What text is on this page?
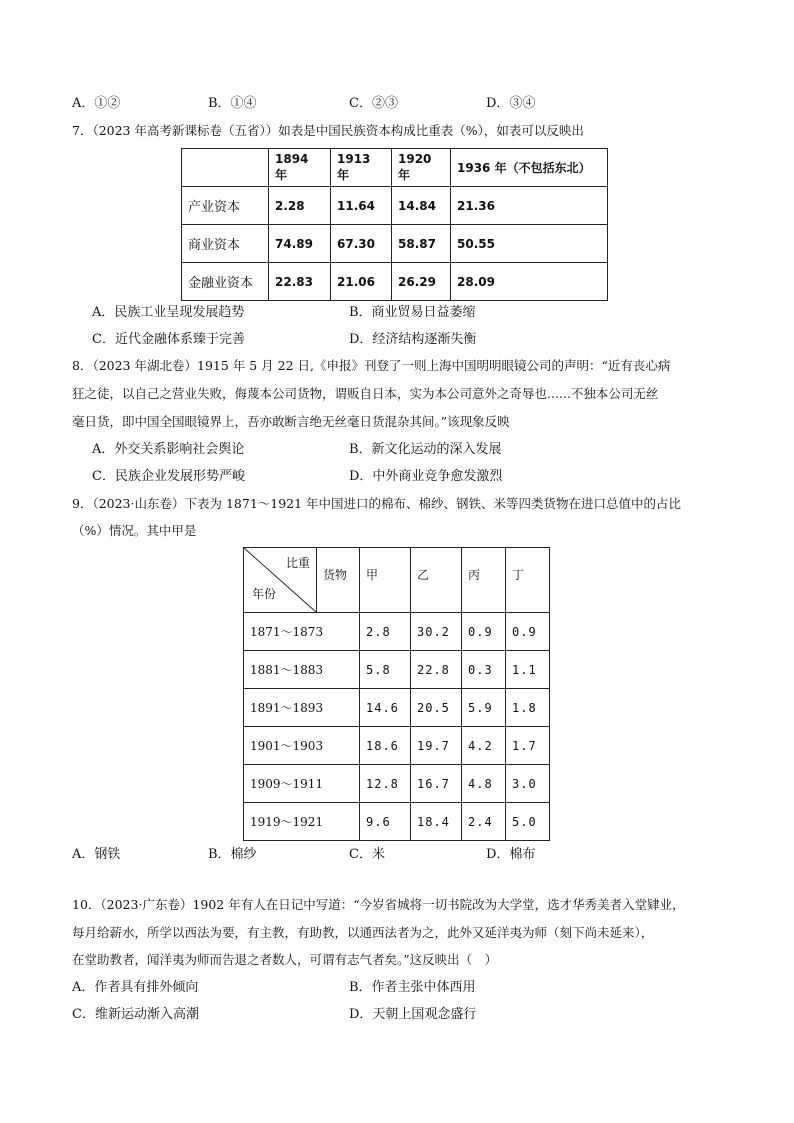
A．①②	B．①④	C．②③	D．③④
7．（2023 年高考新课标卷（五省））如表是中国民族资本构成比重表（%），如表可以反映出
	1894 年	1913 年	1920 年	1936 年（不包括东北）
产业资本	2.28	11.64	14.84	21.36
商业资本	74.89	67.30	58.87	50.55
金融业资本	22.83	21.06	26.29	28.09
A．民族工业呈现发展趋势	B．商业贸易日益萎缩
C．近代金融体系臻于完善	D．经济结构逐渐失衡
8．（2023 年湖北卷）1915 年 5 月 22 日,《申报》刊登了一则上海中国明明眼镜公司的声明：“近有丧心病
狂之徒，以自己之营业失败，侮蔑本公司货物，谓贩自日本，实为本公司意外之奇辱也......不独本公司无丝
毫日货，即中国全国眼镜界上，吾亦敢断言绝无丝毫日货混杂其间。”该现象反映
A．外交关系影响社会舆论	B．新文化运动的深入发展
C．民族企业发展形势严峻	D．中外商业竞争愈发激烈
9．（2023·山东卷）下表为 1871～1921 年中国进口的棉布、棉纱、钢铁、米等四类货物在进口总值中的占比
（%）情况。其中甲是
比重
年份	货物	甲	乙	丙	丁
1871～1873		2.8	30.2	0.9	0.9
1881～1883		5.8	22.8	0.3	1.1
1891～1893		14.6	20.5	5.9	1.8
1901～1903		18.6	19.7	4.2	1.7
1909～1911		12.8	16.7	4.8	3.0
1919～1921		9.6	18.4	2.4	5.0
A．钢铁	B．棉纱	C．米	D．棉布
10．（2023·广东卷）1902 年有人在日记中写道：“今岁省城将一切书院改为大学堂，选才华秀美者入堂肄业，
每月给薪水，所学以西法为要，有主教，有助教，以通西法者为之，此外又延洋夷为师（刻下尚未延来），
在堂助教者，闻洋夷为师而告退之者数人，可谓有志气者矣。”这反映出（　）
A．作者具有排外倾向	B．作者主张中体西用
C．维新运动渐入高潮	D．天朝上国观念盛行
